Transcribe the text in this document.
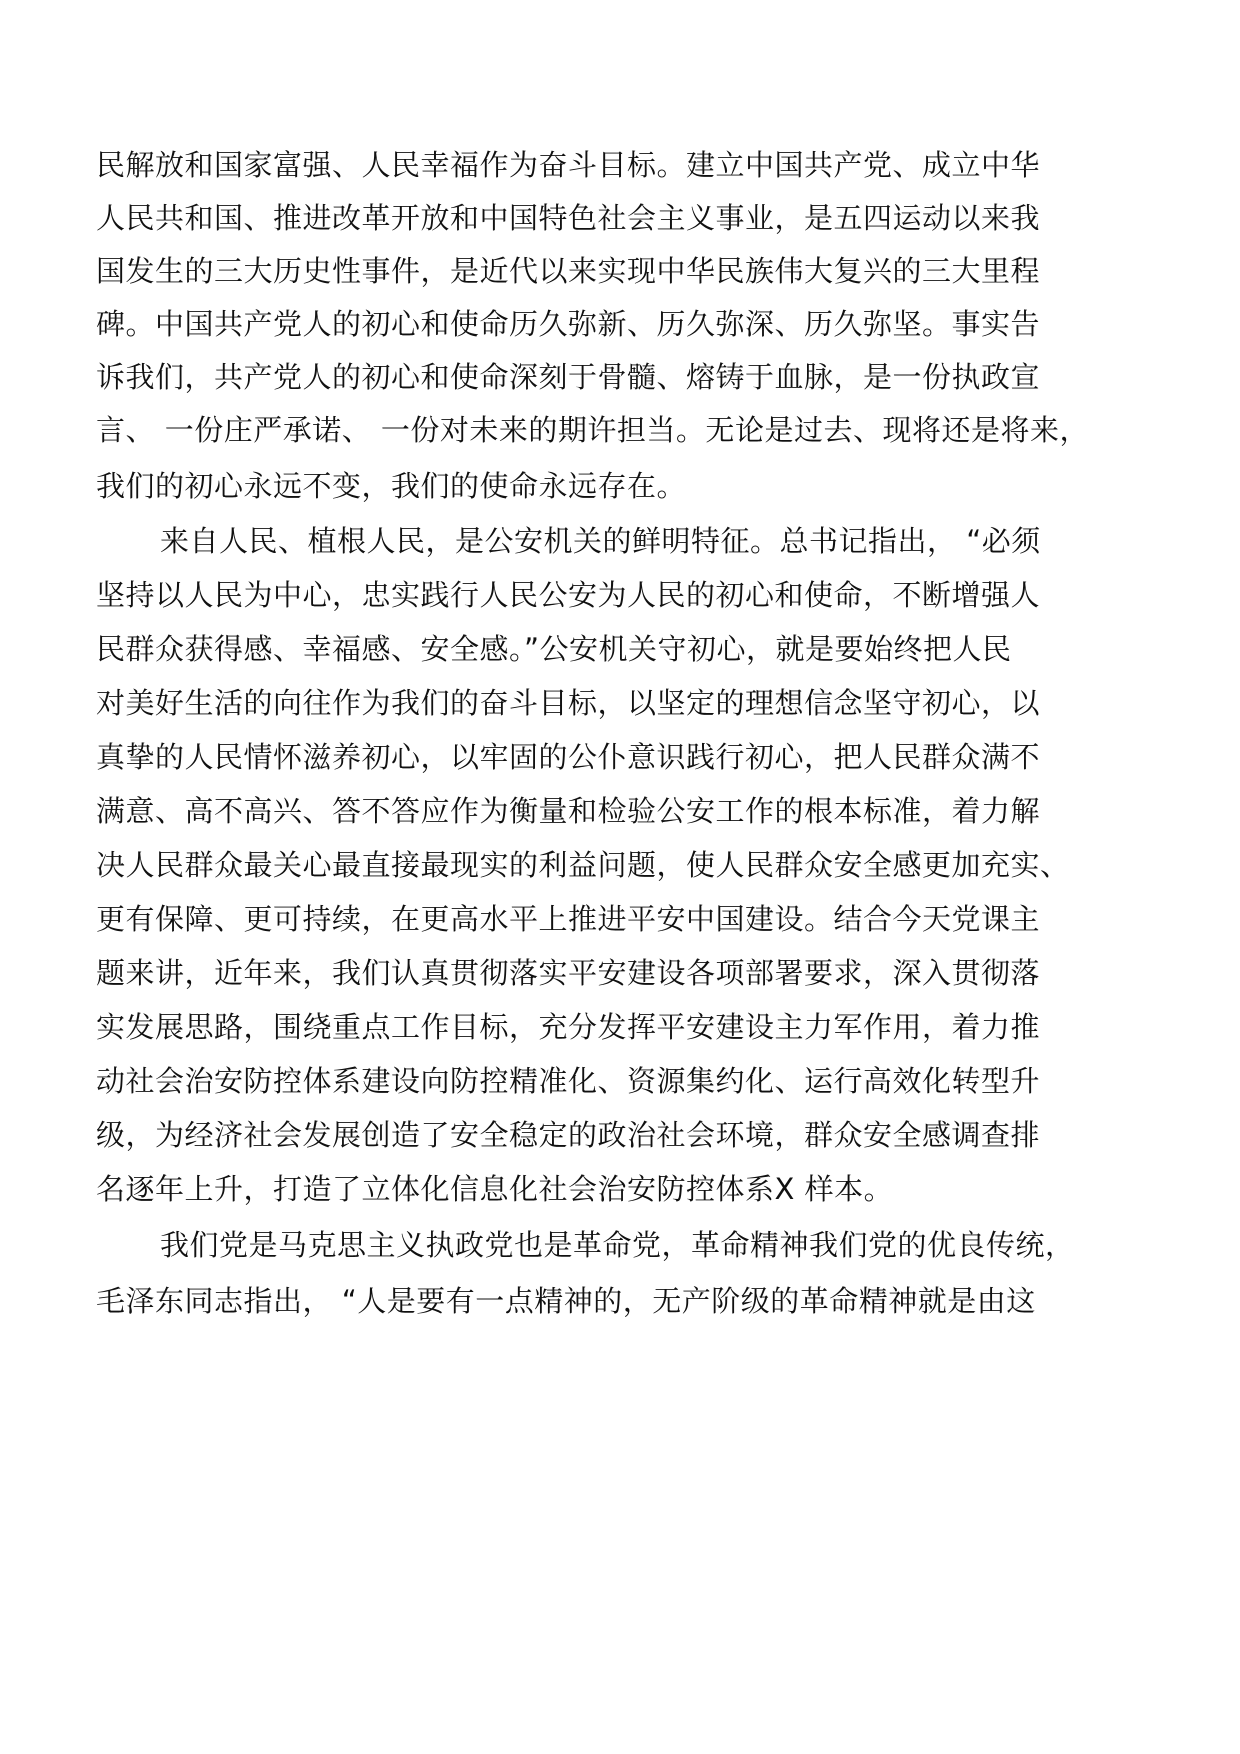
民解放和国家富强、人民幸福作为奋斗目标。建立中国共产党、成立中华
人民共和国、推进改革开放和中国特色社会主义事业，是五四运动以来我
国发生的三大历史性事件，是近代以来实现中华民族伟大复兴的三大里程
碑。中国共产党人的初心和使命历久弥新、历久弥深、历久弥坚。事实告
诉我们，共产党人的初心和使命深刻于骨髓、熔铸于血脉，是一份执政宣
言、 一份庄严承诺、 一份对未来的期许担当。无论是过去、现将还是将来，
我们的初心永远不变，我们的使命永远存在。
来自人民、植根人民，是公安机关的鲜明特征。总书记指出， “必须
坚持以人民为中心，忠实践行人民公安为人民的初心和使命，不断增强人
民群众获得感、幸福感、安全感。”公安机关守初心，就是要始终把人民
对美好生活的向往作为我们的奋斗目标，以坚定的理想信念坚守初心，以
真挚的人民情怀滋养初心，以牢固的公仆意识践行初心，把人民群众满不
满意、高不高兴、答不答应作为衡量和检验公安工作的根本标准，着力解
决人民群众最关心最直接最现实的利益问题，使人民群众安全感更加充实、
更有保障、更可持续，在更高水平上推进平安中国建设。结合今天党课主
题来讲，近年来，我们认真贯彻落实平安建设各项部署要求，深入贯彻落
实发展思路，围绕重点工作目标，充分发挥平安建设主力军作用，着力推
动社会治安防控体系建设向防控精准化、资源集约化、运行高效化转型升
级，为经济社会发展创造了安全稳定的政治社会环境，群众安全感调查排
名逐年上升，打造了立体化信息化社会治安防控体系X 样本。
我们党是马克思主义执政党也是革命党，革命精神我们党的优良传统，
毛泽东同志指出， “人是要有一点精神的，无产阶级的革命精神就是由这
